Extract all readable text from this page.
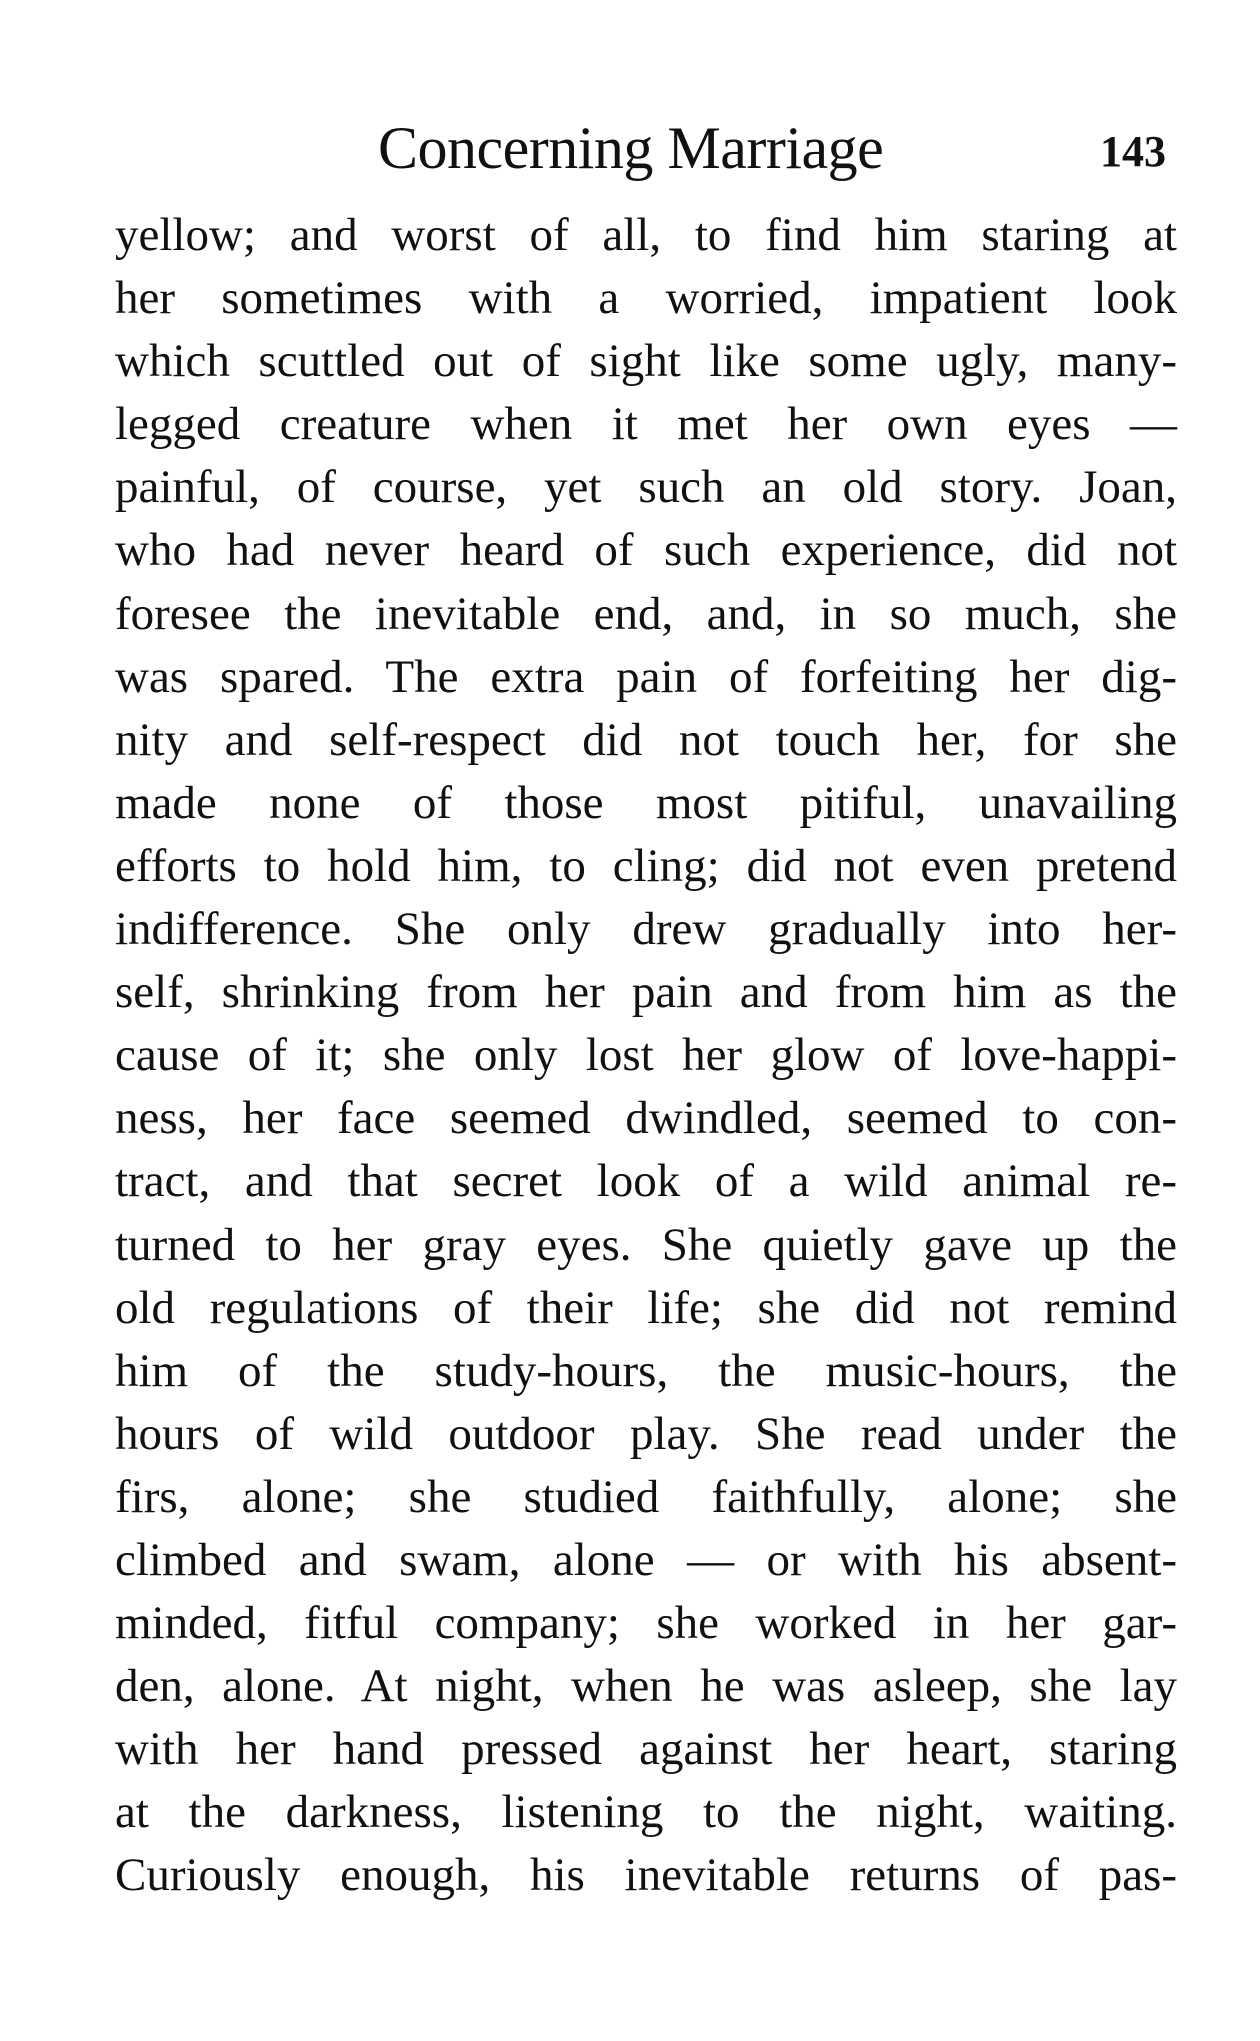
Concerning Marriage	143
yellow; and worst of all, to find him staring at
her sometimes with a worried, impatient look
which scuttled out of sight like some ugly, many-
legged creature when it met her own eyes —
painful, of course, yet such an old story. Joan,
who had never heard of such experience, did not
foresee the inevitable end, and, in so much, she
was spared. The extra pain of forfeiting her dig-
nity and self-respect did not touch her, for she
made none of those most pitiful, unavailing
efforts to hold him, to cling; did not even pretend
indifference. She only drew gradually into her-
self, shrinking from her pain and from him as the
cause of it; she only lost her glow of love-happi-
ness, her face seemed dwindled, seemed to con-
tract, and that secret look of a wild animal re-
turned to her gray eyes. She quietly gave up the
old regulations of their life; she did not remind
him of the study-hours, the music-hours, the
hours of wild outdoor play. She read under the
firs, alone; she studied faithfully, alone; she
climbed and swam, alone — or with his absent-
minded, fitful company; she worked in her gar-
den, alone. At night, when he was asleep, she lay
with her hand pressed against her heart, staring
at the darkness, listening to the night, waiting.
Curiously enough, his inevitable returns of pas-
